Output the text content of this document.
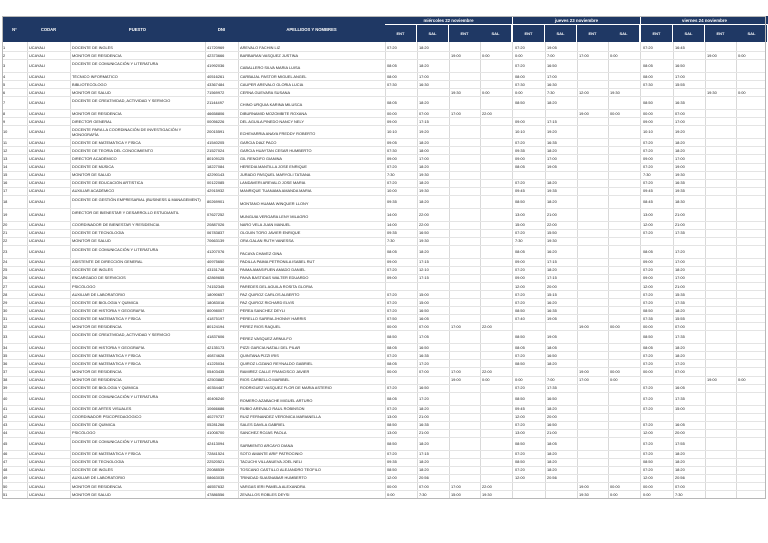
N°	CODAR	PUESTO	DNI	APELLIDOS Y NOMBRES
miércoles 22 noviembre
ENT	SAL	ENT	SAL
jueves 23 noviembre
ENT	SAL	ENT	SAL
viernes 24 noviembre
ENT	SAL	ENT	SAL
1	UCAYALI	DOCENTE DE INGLÉS	41720969	AREVALO FACHIN LIZ	07:20	18:20	07:20	19:05	07:20	16:45
2	UCAYALI	MONITOR DE RESIDENCIA	42373666	BARBARAN VASQUEZ JUSTINA	19:00	0:00	0:00	7:00	17:00	0:00	19:00	0:00
3	UCAYALI	DOCENTE DE COMUNICACIÓN Y LITERATURA	41992036	CABALLERO SILVA MARIA LUISA	08:05	18:20	07:20	16:50	08:05	16:50
4	UCAYALI	TÉCNICO INFORMÁTICO	40516261	CARBAJAL PASTOR MIGUEL ANGEL	08:00	17:00	08:00	17:00	08:00	17:00
5	UCAYALI	BIBLIOTECÓLOGO	43367484	CAUPER AREVALO GLORIA LUCIA	07:30	16:30	07:30	16:30	07:30	15:55
6	UCAYALI	MONITOR DE SALUD	71569972	CERNA GUEVARA SUSANA	19:30	0:00	0:00	7:30	12:00	19:30	19:30	0:00
7	UCAYALI	DOCENTE DE CREATIVIDAD, ACTIVIDAD Y SERVICIO	21144497	CHINO URQUIA KARINA MILUSCA	08:05	18:20	08:50	18:20	08:50	16:35
8	UCAYALI	MONITOR DE RESIDENCIA	46658806	DIBURNAMID MOZOMBITE ROXANA	00:00	07:00	17:00	22:00	19:00	00:00	00:00	07:00
9	UCAYALI	DIRECTOR GENERAL	00056226	DEL AGUILA PINEDO NANCY NELY	09:00	17:15	09:00	17:15	09:00	17:00
10	UCAYALI	DOCENTE PARA LA COORDINACIÓN DE INVESTIGACIÓN Y MONOGRAFÍA
20015591	ECHEVARRIA ANAYA FREDDY ROBERTO	10:10	19:20	10:10	19:20	10:10	19:20
11	UCAYALI	DOCENTE DE MATEMÁTICA Y FÍSICA	41540205	GARCIA DIAZ PACO	09:05	18:20	07:20	16:35	07:20	18:20
12	UCAYALI	DOCENTE DE TEORÍA DEL CONOCIMIENTO	21527024	GARCIA HUAYTAN CESAR HUMBERTO	07:30	18:00	09:35	18:20	07:20	18:20
13	UCAYALI	DIRECTOR ACADÉMICO	80109125	GIL RENGIFO GIANINA	09:00	17:00	09:00	17:00	09:00	17:00
14	UCAYALI	DOCENTE DE MÚSICA	18227084	HEREDIA MANTILLA JOSE ENRIQUE	07:20	18:20	08:05	19:05	07:20	19:00
15	UCAYALI	MONITOR DE SALUD	42290143	JURADO PASQUEL MARYOLI TATIANA	7:30	19:30	7:30	19:30
16	UCAYALI	DOCENTE DE EDUCACIÓN ARTÍSTICA	00122085	LANDAVERI AREVALO JOSE MARIA	07:20	18:20	07:20	18:20	07:20	16:35
17	UCAYALI	AUXILIAR ACADÉMICO	42915932	MANRIQUE TUANAMA AMANDA MARIA	10:00	19:30	09:45	19:35	09:45	19:35
18	UCAYALI	DOCENTE DE GESTIÓN EMPRESARIAL (BUSINESS & MANAGEMENT)	80269901	MONTANO HUAMÁ WINQUER LLONY	09:35	18:20	08:50	18:20	08:45	18:30
19	UCAYALI	DIRECTOR DE BIENESTAR Y DESARROLLO ESTUDIANTIL	07627252	MUNGUIA VERGARA LENY MILAGRO	14:00	22:00	13:00	21:00	13:00	21:00
20	UCAYALI	COORDINADOR DE BIENESTAR Y RESIDENCIA	20887026	NARO VELA JUAN MANUEL	14:00	22:00	15:00	22:00	12:00	21:00
21	UCAYALI	DOCENTE DE TECNOLOGÍA	06783837	OLGUIN TORO JAVIER ENRIQUE	09:35	16:50	07:20	15:50	07:20	17:35
22	UCAYALI	MONITOR DE SALUD	70663139	ORA GALAN RUTH VANESSA	7:30	19:30	7:30	19:30
23	UCAYALI	DOCENTE DE COMUNICACIÓN Y LITERATURA	41207076	PACAYA CHAVEZ GINA	08:05	18:20	08:05	16:20	08:05	17:20
24	UCAYALI	ASISTENTE DE DIRECCIÓN GENERAL	40975650	PADILLA PAIMA PETRONILA ISABEL RUT	09:00	17:15	09:00	17:15	09:00	17:00
25	UCAYALI	DOCENTE DE INGLÉS	43151748	PAIMA AMASIFUEN AMADO DANIEL	07:20	12:10	07:20	18:20	07:20	18:20
26	UCAYALI	ENCARGADO DE SERVICIOS	42869655	PAIVA BASTIDAS WALTER EDUARDO	09:00	17:15	09:00	17:15	09:00	17:00
27	UCAYALI	PSICÓLOGO	74152345	PAREDES DEL AGUILA ROSITA GLORIA	12:00	20:00	12:00	21:00
28	UCAYALI	AUXILIAR DE LABORATORIO	18090657	PAZ QUIROZ CARLOS ALBERTO	07:20	15:00	07:20	15:15	07:20	15:35
29	UCAYALI	DOCENTE DE BIOLOGÍA Y QUÍMICA	18083016	PAZ QUIROZ RICHARD ELVIS	07:20	15:00	07:20	16:20	07:20	17:35
30	UCAYALI	DOCENTE DE HISTORIA Y GEOGRAFÍA	80098007	PEREA SANCHEZ DEYLI	07:20	16:50	08:50	16:35	08:50	18:20
31	UCAYALI	DOCENTE DE MATEMÁTICA Y FÍSICA	41875197	PERELLO SARRIA JHONNY HARRIS	07:50	16:05	07:40	19:05	07:35	15:55
32	UCAYALI	MONITOR DE RESIDENCIA	80124194	PEREZ RIOS RAQUEL	00:00	07:00	17:00	22:00	19:00	00:00	00:00	07:00
33	UCAYALI	DOCENTE DE CREATIVIDAD, ACTIVIDAD Y SERVICIO	41837606	PEREZ VASQUEZ ARNULFO	08:50	17:05	08:50	19:05	08:50	17:35
34	UCAYALI	DOCENTE DE HISTORIA Y GEOGRAFÍA	42135173	PIZZI GARCIA NATALI DEL PILAR	08:05	16:50	08:05	18:05	08:05	18:20
35	UCAYALI	DOCENTE DE MATEMÁTICA Y FÍSICA	40874628	QUINTANA PIZZI IRIS	07:20	16:35	07:20	16:50	07:20	18:20
36	UCAYALI	DOCENTE DE MATEMÁTICA Y FÍSICA	41225034	QUIROZ LOZANO REYNALDO GABRIEL	08:05	17:20	08:50	18:20	07:20	17:20
37	UCAYALI	MONITOR DE RESIDENCIA	05403435	RAMIREZ CALLE FRANCISCO JAVIER	00:00	07:00	17:00	22:00	19:00	00:00	00:00	07:00
38	UCAYALI	MONITOR DE RESIDENCIA	42503882	RIOS CARBELLO MARIBEL	19:00	0:00	0:00	7:00	17:00	0:00	19:00	0:00
39	UCAYALI	DOCENTE DE BIOLOGÍA Y QUÍMICA	40354487	RODRIGUEZ VASQUEZ FLOR DE MARIA ASTERIO	07:20	16:50	07:20	17:35	07:20	16:05
40	UCAYALI	DOCENTE DE COMUNICACIÓN Y LITERATURA	40406240	ROMERO AZABACHE MIGUEL ARTURO	08:05	17:20	08:50	16:50	07:20	17:35
41	UCAYALI	DOCENTE DE ARTES VISUALES	10666686	RUBIO AREVALO RAUL ROBINSON	07:20	18:20	09:45	18:20	07:20	15:00
42	UCAYALI	COORDINADOR PSICOPEDAGÓGICO	40279737	RUIZ FERNANDEZ VERONICA MARIANELLA	13:00	21:00	12:00	20:00
43	UCAYALI	DOCENTE DE QUÍMICA	05281266	SALES DAVILA GABRIEL	08:50	16:35	07:20	16:50	07:20	16:05
44	UCAYALI	PSICÓLOGO	41008700	SANCHEZ ROJAS PAOLA	13:00	21:00	13:00	21:00	12:00	20:00
45	UCAYALI	DOCENTE DE COMUNICACIÓN Y LITERATURA	42413094	SARMIENTO ARCAYO DIANA	08:50	18:20	08:50	18:05	07:20	17:55
46	UCAYALI	DOCENTE DE MATEMÁTICA Y FÍSICA	72841524	SOTO AMANTE ARIF PATROCINIO	07:20	17:15	07:20	18:20	07:20	18:20
47	UCAYALI	DOCENTE DE TECNOLOGÍA	22520521	TACUCHI VILLANUEVA JOEL NELI	09:35	18:20	08:50	18:20	08:50	18:20
48	UCAYALI	DOCENTE DE INGLÉS	20088539	TOSCANO CASTILLO ALEJANDRO TEOFILO	08:50	18:20	07:20	18:20	07:20	18:20
49	UCAYALI	AUXILIAR DE LABORATORIO	08663035	TRINIDAD SUASNABAR HUMBERTO	12:00	20:56	12:00	20:56	12:00	20:56
50	UCAYALI	MONITOR DE RESIDENCIA	46557632	VARGAS IERI PAMELA ALEXANDRA	00:00	07:00	17:00	22:00	19:00	00:00	00:00	07:00
51	UCAYALI	MONITOR DE SALUD	47886556	ZEVALLOS ROBLES DEYSI	0:00	7:30	15:00	19:30	19:30	0:00	0:00	7:30
